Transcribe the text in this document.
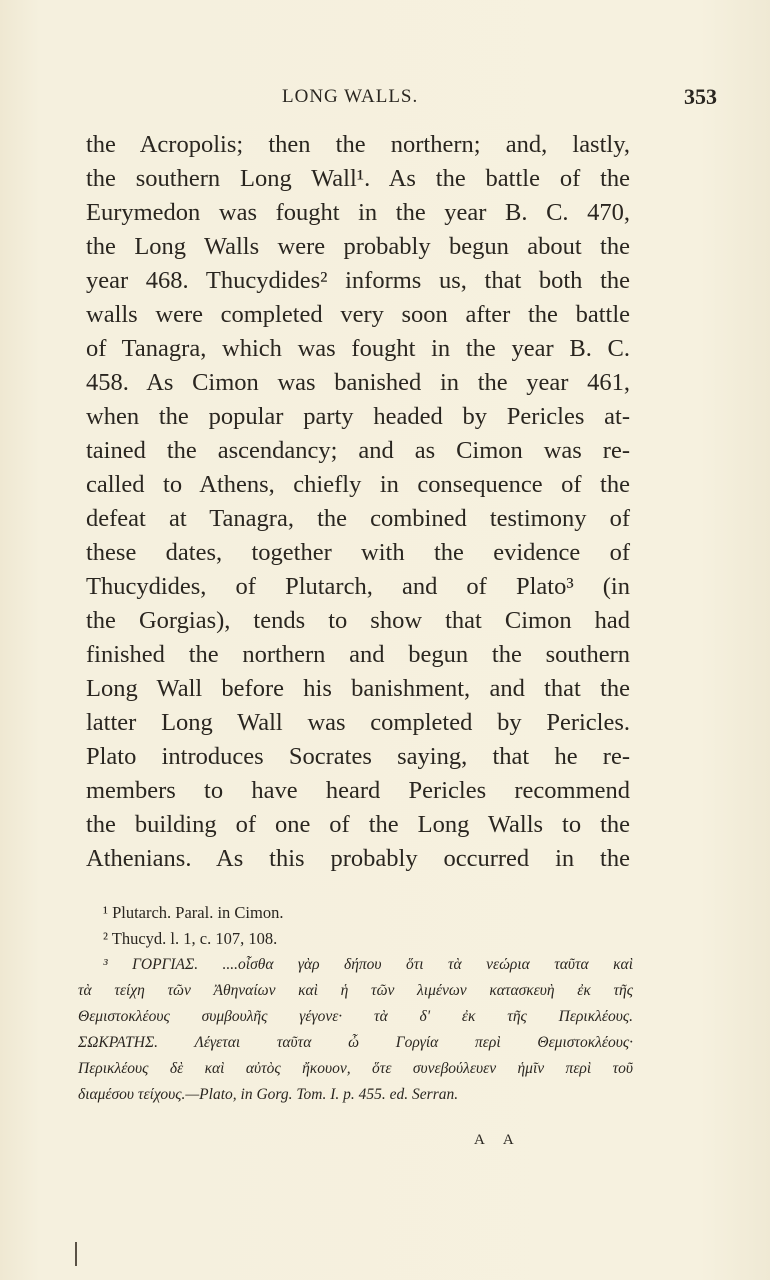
LONG WALLS.	353
the Acropolis; then the northern; and, lastly,
the southern Long Wall¹. As the battle of the
Eurymedon was fought in the year B. C. 470,
the Long Walls were probably begun about the
year 468. Thucydides² informs us, that both the
walls were completed very soon after the battle
of Tanagra, which was fought in the year B. C.
458. As Cimon was banished in the year 461,
when the popular party headed by Pericles at-
tained the ascendancy; and as Cimon was re-
called to Athens, chiefly in consequence of the
defeat at Tanagra, the combined testimony of
these dates, together with the evidence of
Thucydides, of Plutarch, and of Plato³ (in
the Gorgias), tends to show that Cimon had
finished the northern and begun the southern
Long Wall before his banishment, and that the
latter Long Wall was completed by Pericles.
Plato introduces Socrates saying, that he re-
members to have heard Pericles recommend
the building of one of the Long Walls to the
Athenians. As this probably occurred in the
¹ Plutarch. Paral. in Cimon.
² Thucyd. l. 1, c. 107, 108.
³ ΓΟΡΓΙΑΣ. ....οἶσθα γὰρ δήπου ὅτι τὰ νεώρια ταῦτα καὶ
τὰ τείχη τῶν Ἀθηναίων καὶ ἡ τῶν λιμένων κατασκευὴ ἐκ τῆς
Θεμιστοκλέους συμβουλῆς γέγονε· τὰ δ' ἐκ τῆς Περικλέους.
ΣΩΚΡΑΤΗΣ. Λέγεται ταῦτα ὦ Γοργία περὶ Θεμιστοκλέους·
Περικλέους δὲ καὶ αὐτὸς ἤκουον, ὅτε συνεβούλευεν ἡμῖν περὶ τοῦ
διαμέσου τείχους.—Plato, in Gorg. Tom. I. p. 455. ed. Serran.
A A
